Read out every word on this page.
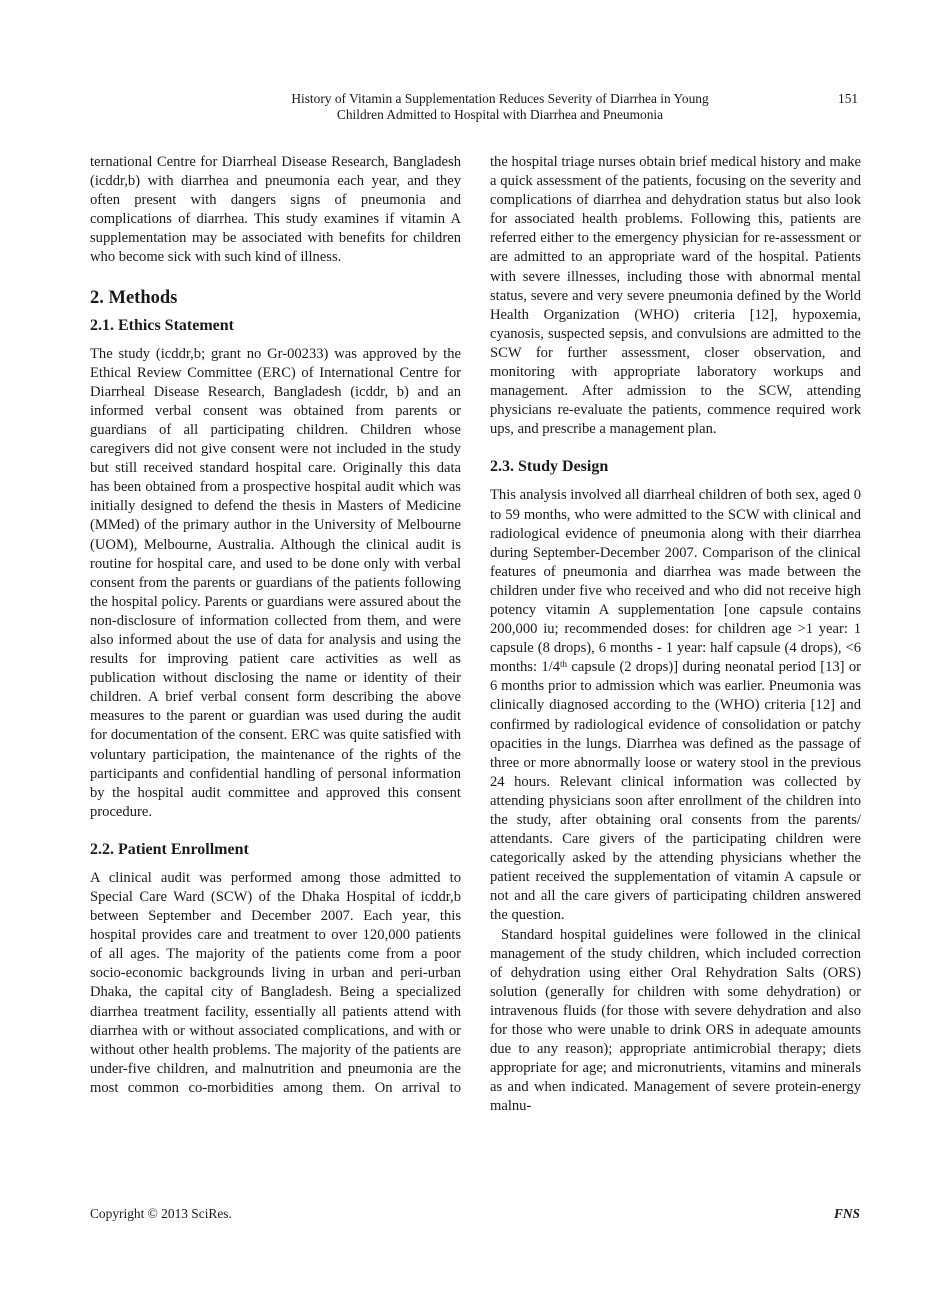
History of Vitamin a Supplementation Reduces Severity of Diarrhea in Young
Children Admitted to Hospital with Diarrhea and Pneumonia
151

ternational Centre for Diarrheal Disease Research, Bangladesh (icddr,b) with diarrhea and pneumonia each year, and they often present with dangers signs of pneumonia and complications of diarrhea. This study examines if vitamin A supplementation may be associated with benefits for children who become sick with such kind of illness.

2. Methods
2.1. Ethics Statement

The study (icddr,b; grant no Gr-00233) was approved by the Ethical Review Committee (ERC) of International Centre for Diarrheal Disease Research, Bangladesh (icddr, b) and an informed verbal consent was obtained from parents or guardians of all participating children. Children whose caregivers did not give consent were not included in the study but still received standard hospital care. Originally this data has been obtained from a prospective hospital audit which was initially designed to defend the thesis in Masters of Medicine (MMed) of the primary author in the University of Melbourne (UOM), Melbourne, Australia. Although the clinical audit is routine for hospital care, and used to be done only with verbal consent from the parents or guardians of the patients following the hospital policy. Parents or guardians were assured about the non-disclosure of information collected from them, and were also informed about the use of data for analysis and using the results for improving patient care activities as well as publication without disclosing the name or identity of their children. A brief verbal consent form describing the above measures to the parent or guardian was used during the audit for documentation of the consent. ERC was quite satisfied with voluntary participation, the maintenance of the rights of the participants and confidential handling of personal information by the hospital audit committee and approved this consent procedure.

2.2. Patient Enrollment

A clinical audit was performed among those admitted to Special Care Ward (SCW) of the Dhaka Hospital of icddr,b between September and December 2007. Each year, this hospital provides care and treatment to over 120,000 patients of all ages. The majority of the patients come from a poor socio-economic backgrounds living in urban and peri-urban Dhaka, the capital city of Bangladesh. Being a specialized diarrhea treatment facility, essentially all patients attend with diarrhea with or without associated complications, and with or without other health problems. The majority of the patients are under-five children, and malnutrition and pneumonia are the most common co-morbidities among them. On arrival to

the hospital triage nurses obtain brief medical history and make a quick assessment of the patients, focusing on the severity and complications of diarrhea and dehydration status but also look for associated health problems. Following this, patients are referred either to the emergency physician for re-assessment or are admitted to an appropriate ward of the hospital. Patients with severe illnesses, including those with abnormal mental status, severe and very severe pneumonia defined by the World Health Organization (WHO) criteria [12], hypoxemia, cyanosis, suspected sepsis, and convulsions are admitted to the SCW for further assessment, closer observation, and monitoring with appropriate laboratory workups and management. After admission to the SCW, attending physicians re-evaluate the patients, commence required work ups, and prescribe a management plan.

2.3. Study Design

This analysis involved all diarrheal children of both sex, aged 0 to 59 months, who were admitted to the SCW with clinical and radiological evidence of pneumonia along with their diarrhea during September-December 2007. Comparison of the clinical features of pneumonia and diarrhea was made between the children under five who received and who did not receive high potency vitamin A supplementation [one capsule contains 200,000 iu; recommended doses: for children age >1 year: 1 capsule (8 drops), 6 months - 1 year: half capsule (4 drops), <6 months: 1/4th capsule (2 drops)] during neonatal period [13] or 6 months prior to admission which was earlier. Pneumonia was clinically diagnosed according to the (WHO) criteria [12] and confirmed by radiological evidence of consolidation or patchy opacities in the lungs. Diarrhea was defined as the passage of three or more abnormally loose or watery stool in the previous 24 hours. Relevant clinical information was collected by attending physicians soon after enrollment of the children into the study, after obtaining oral consents from the parents/ attendants. Care givers of the participating children were categorically asked by the attending physicians whether the patient received the supplementation of vitamin A capsule or not and all the care givers of participating children answered the question.

Standard hospital guidelines were followed in the clinical management of the study children, which included correction of dehydration using either Oral Rehydration Salts (ORS) solution (generally for children with some dehydration) or intravenous fluids (for those with severe dehydration and also for those who were unable to drink ORS in adequate amounts due to any reason); appropriate antimicrobial therapy; diets appropriate for age; and micronutrients, vitamins and minerals as and when indicated. Management of severe protein-energy malnu-

Copyright © 2013 SciRes.	FNS
